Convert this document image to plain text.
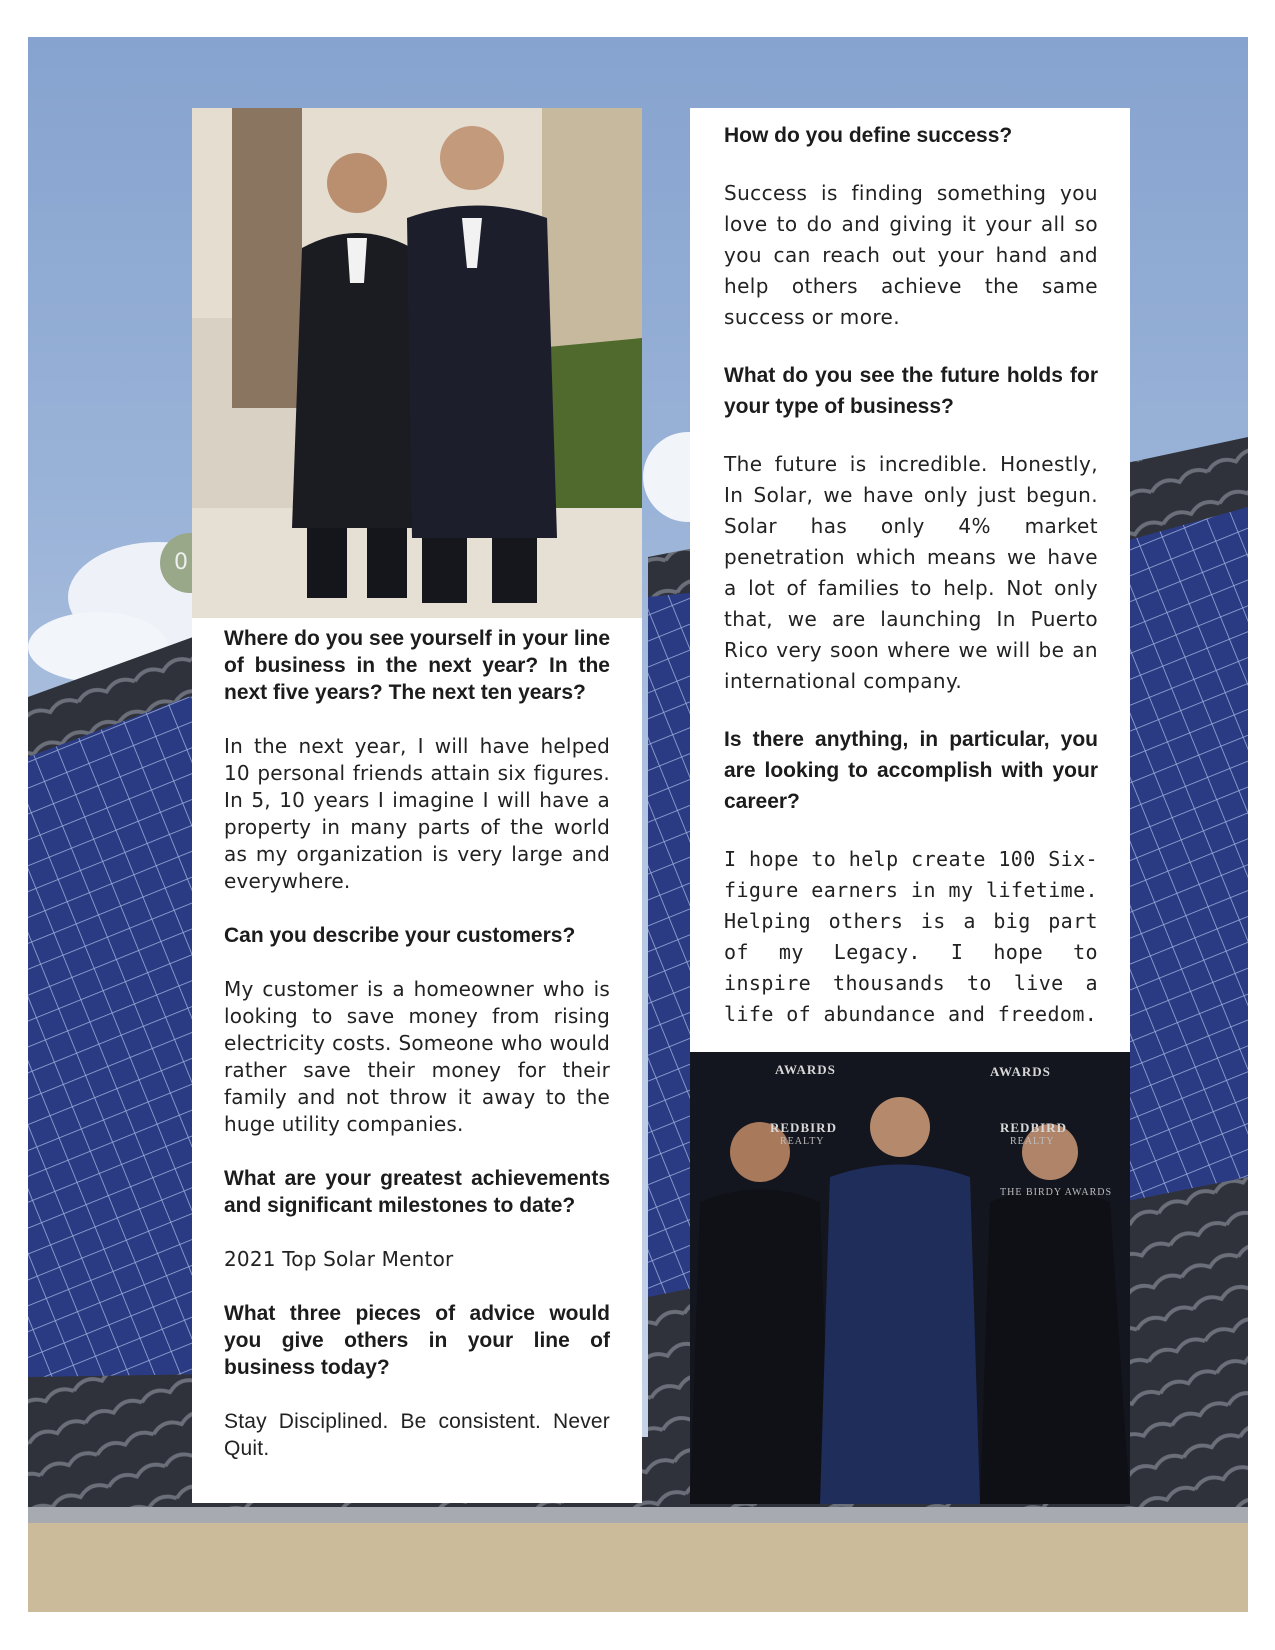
0
AWARDS	AWARDS
REDBIRD
REALTY
REDBIRD
REALTY
THE BIRDY AWARDS

Where do you see yourself in your line of business in the next year? In the next five years? The next ten years?

In the next year, I will have helped 10 personal friends attain six figures. In 5, 10 years I imagine I will have a property in many parts of the world as my organization is very large and everywhere.

Can you describe your customers?

My customer is a homeowner who is looking to save money from rising electricity costs. Someone who would rather save their money for their family and not throw it away to the huge utility companies.

What are your greatest achievements and significant milestones to date?

2021 Top Solar Mentor

What three pieces of advice would you give others in your line of business today?

Stay Disciplined. Be consistent. Never Quit.

How do you define success?

Success is finding something you love to do and giving it your all so you can reach out your hand and help others achieve the same success or more.

What do you see the future holds for your type of business?

The future is incredible. Honestly, In Solar, we have only just begun. Solar has only 4% market penetration which means we have a lot of families to help. Not only that, we are launching In Puerto Rico very soon where we will be an international company.

Is there anything, in particular, you are looking to accomplish with your career?

I hope to help create 100 Six-figure earners in my lifetime. Helping others is a big part of my Legacy. I hope to inspire thousands to live a life of abundance and freedom.
